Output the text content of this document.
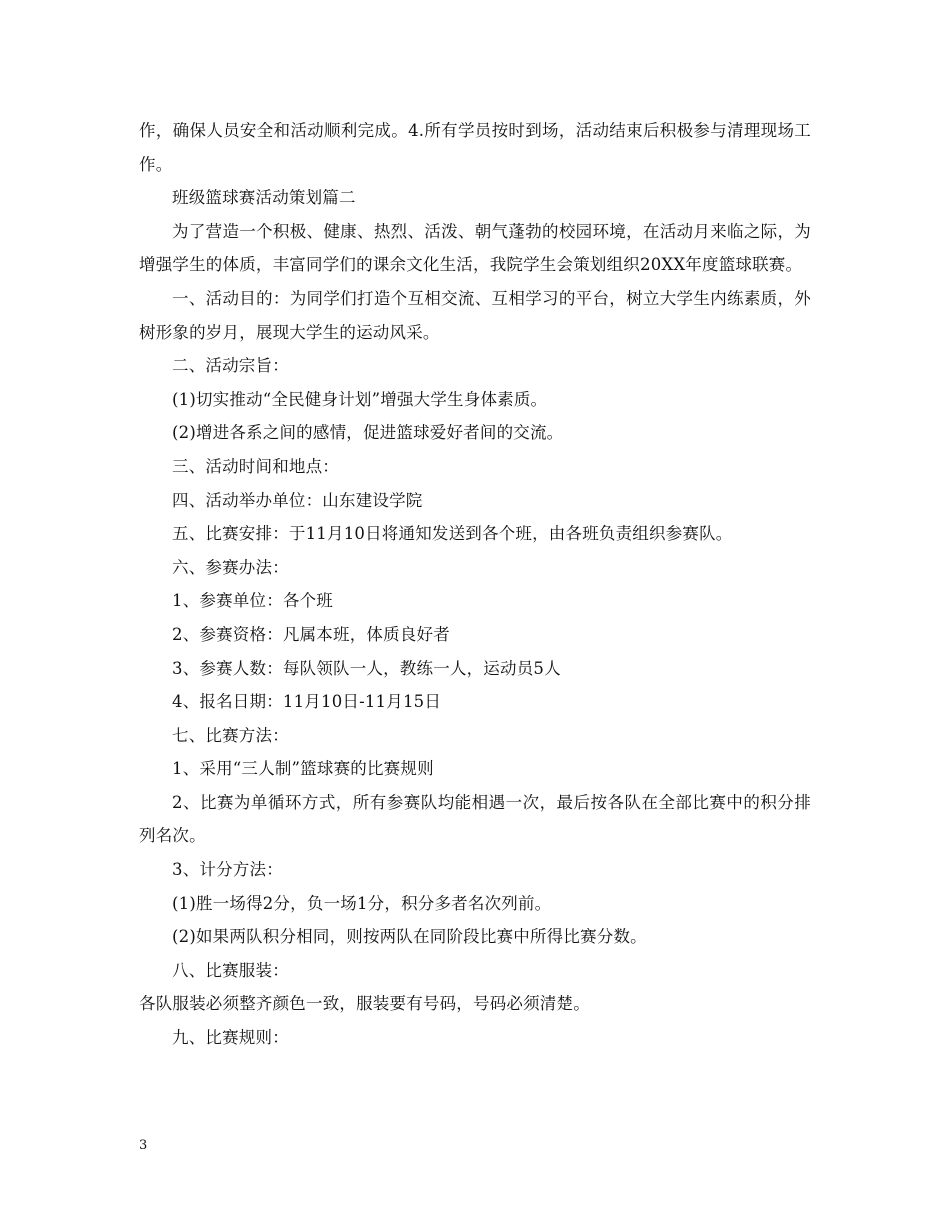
作，确保人员安全和活动顺利完成。4.所有学员按时到场，活动结束后积极参与清理现场工作。

班级篮球赛活动策划篇二

为了营造一个积极、健康、热烈、活泼、朝气蓬勃的校园环境，在活动月来临之际，为增强学生的体质，丰富同学们的课余文化生活，我院学生会策划组织20XX年度篮球联赛。

一、活动目的：为同学们打造个互相交流、互相学习的平台，树立大学生内练素质，外树形象的岁月，展现大学生的运动风采。

二、活动宗旨：

(1)切实推动“全民健身计划”增强大学生身体素质。

(2)增进各系之间的感情，促进篮球爱好者间的交流。

三、活动时间和地点：

四、活动举办单位：山东建设学院

五、比赛安排：于11月10日将通知发送到各个班，由各班负责组织参赛队。

六、参赛办法：

1、参赛单位：各个班

2、参赛资格：凡属本班，体质良好者

3、参赛人数：每队领队一人，教练一人，运动员5人

4、报名日期：11月10日-11月15日

七、比赛方法：

1、采用“三人制”篮球赛的比赛规则

2、比赛为单循环方式，所有参赛队均能相遇一次，最后按各队在全部比赛中的积分排列名次。

3、计分方法：

(1)胜一场得2分，负一场1分，积分多者名次列前。

(2)如果两队积分相同，则按两队在同阶段比赛中所得比赛分数。

八、比赛服装：

各队服装必须整齐颜色一致，服装要有号码，号码必须清楚。

九、比赛规则：

3
